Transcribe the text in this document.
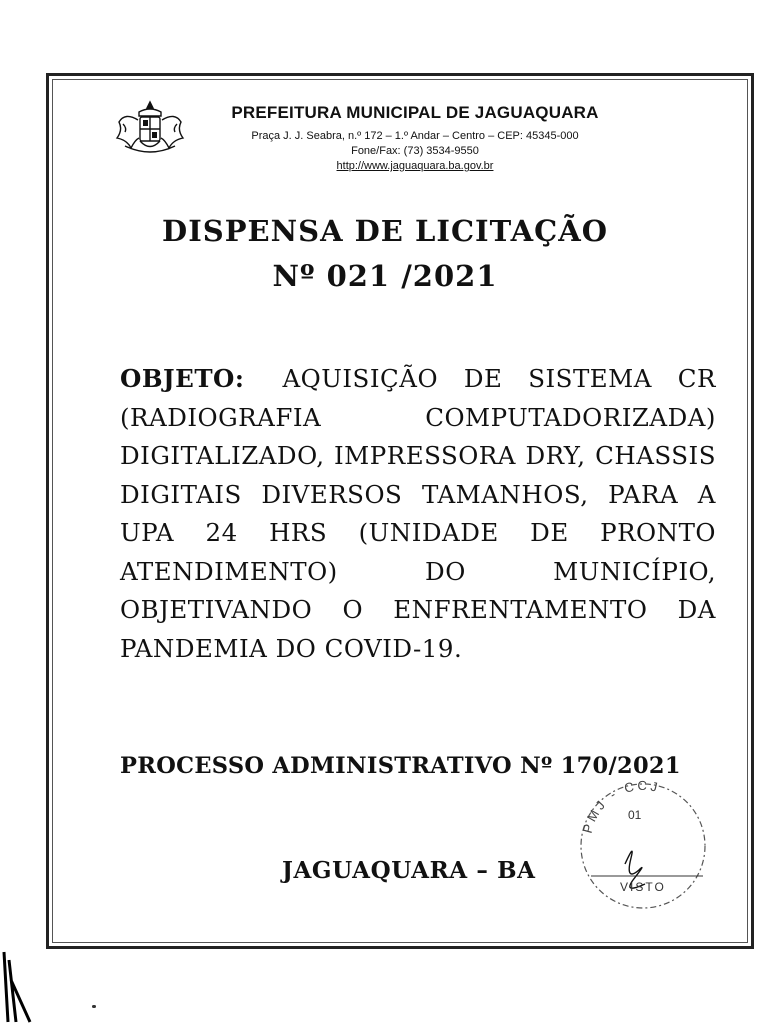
PREFEITURA MUNICIPAL DE JAGUAQUARA
Praça J. J. Seabra, n.º 172 – 1.º Andar – Centro – CEP: 45345-000
Fone/Fax: (73) 3534-9550
http://www.jaguaquara.ba.gov.br
DISPENSA DE LICITAÇÃO
Nº 021 /2021
OBJETO: AQUISIÇÃO DE SISTEMA CR (RADIOGRAFIA COMPUTADORIZADA) DIGITALIZADO, IMPRESSORA DRY, CHASSIS DIGITAIS DIVERSOS TAMANHOS, PARA A UPA 24 HRS (UNIDADE DE PRONTO ATENDIMENTO) DO MUNICÍPIO, OBJETIVANDO O ENFRENTAMENTO DA PANDEMIA DO COVID-19.
PROCESSO ADMINISTRATIVO Nº 170/2021
JAGUAQUARA – BA
PMJ - CCJ
01
VISTO
